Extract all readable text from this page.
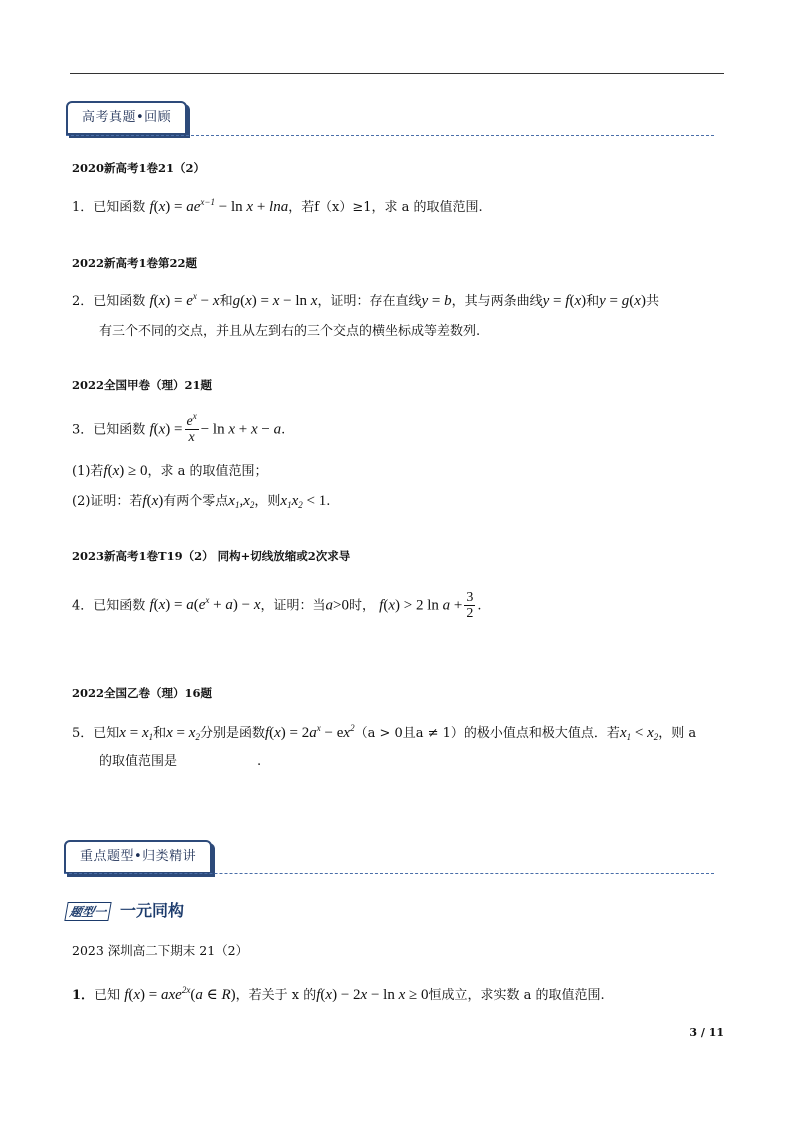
高考真题•回顾
2020新高考1卷21（2）
1．已知函数 $f(x) = ae^{x-1} - \ln x + \ln a$，若f（x）≥1，求 a 的取值范围.
2022新高考1卷第22题
2．已知函数 $f(x) = e^x - x$和g(x) = x − ln x，证明：存在直线y = b，其与两条曲线y = f(x)和y = g(x)共
有三个不同的交点，并且从左到右的三个交点的横坐标成等差数列.
2022全国甲卷（理）21题
3．已知函数 $f(x) = \frac{e^x}{x} - \ln x + x - a$.
(1)若f(x) ≥ 0，求 a 的取值范围；
(2)证明：若f(x)有两个零点$x_1,x_2$，则$x_1x_2 < 1$.
2023新高考1卷T19（2） 同构+切线放缩或2次求导
4．已知函数 $f(x) = a(e^x + a) - x$，证明：当a>0时， f(x) > 2 $\ln a + \frac{3}{2}$ .
2022全国乙卷（理）16题
5．已知$x = x_1$和$x = x_2$分别是函数$f(x) = 2a^x - ex^2(a > 0$且a ≠ 1）的极小值点和极大值点．若$x_1 < x_2$，则 a
的取值范围是	.
重点题型•归类精讲
题型一 一元同构
2023 深圳高二下期末 21（2）
1．已知 f(x) = axe$^{2x}$(a ∈ R)，若关于 x 的f(x) − 2x − ln x ≥ 0恒成立，求实数 a 的取值范围.
3 / 11
